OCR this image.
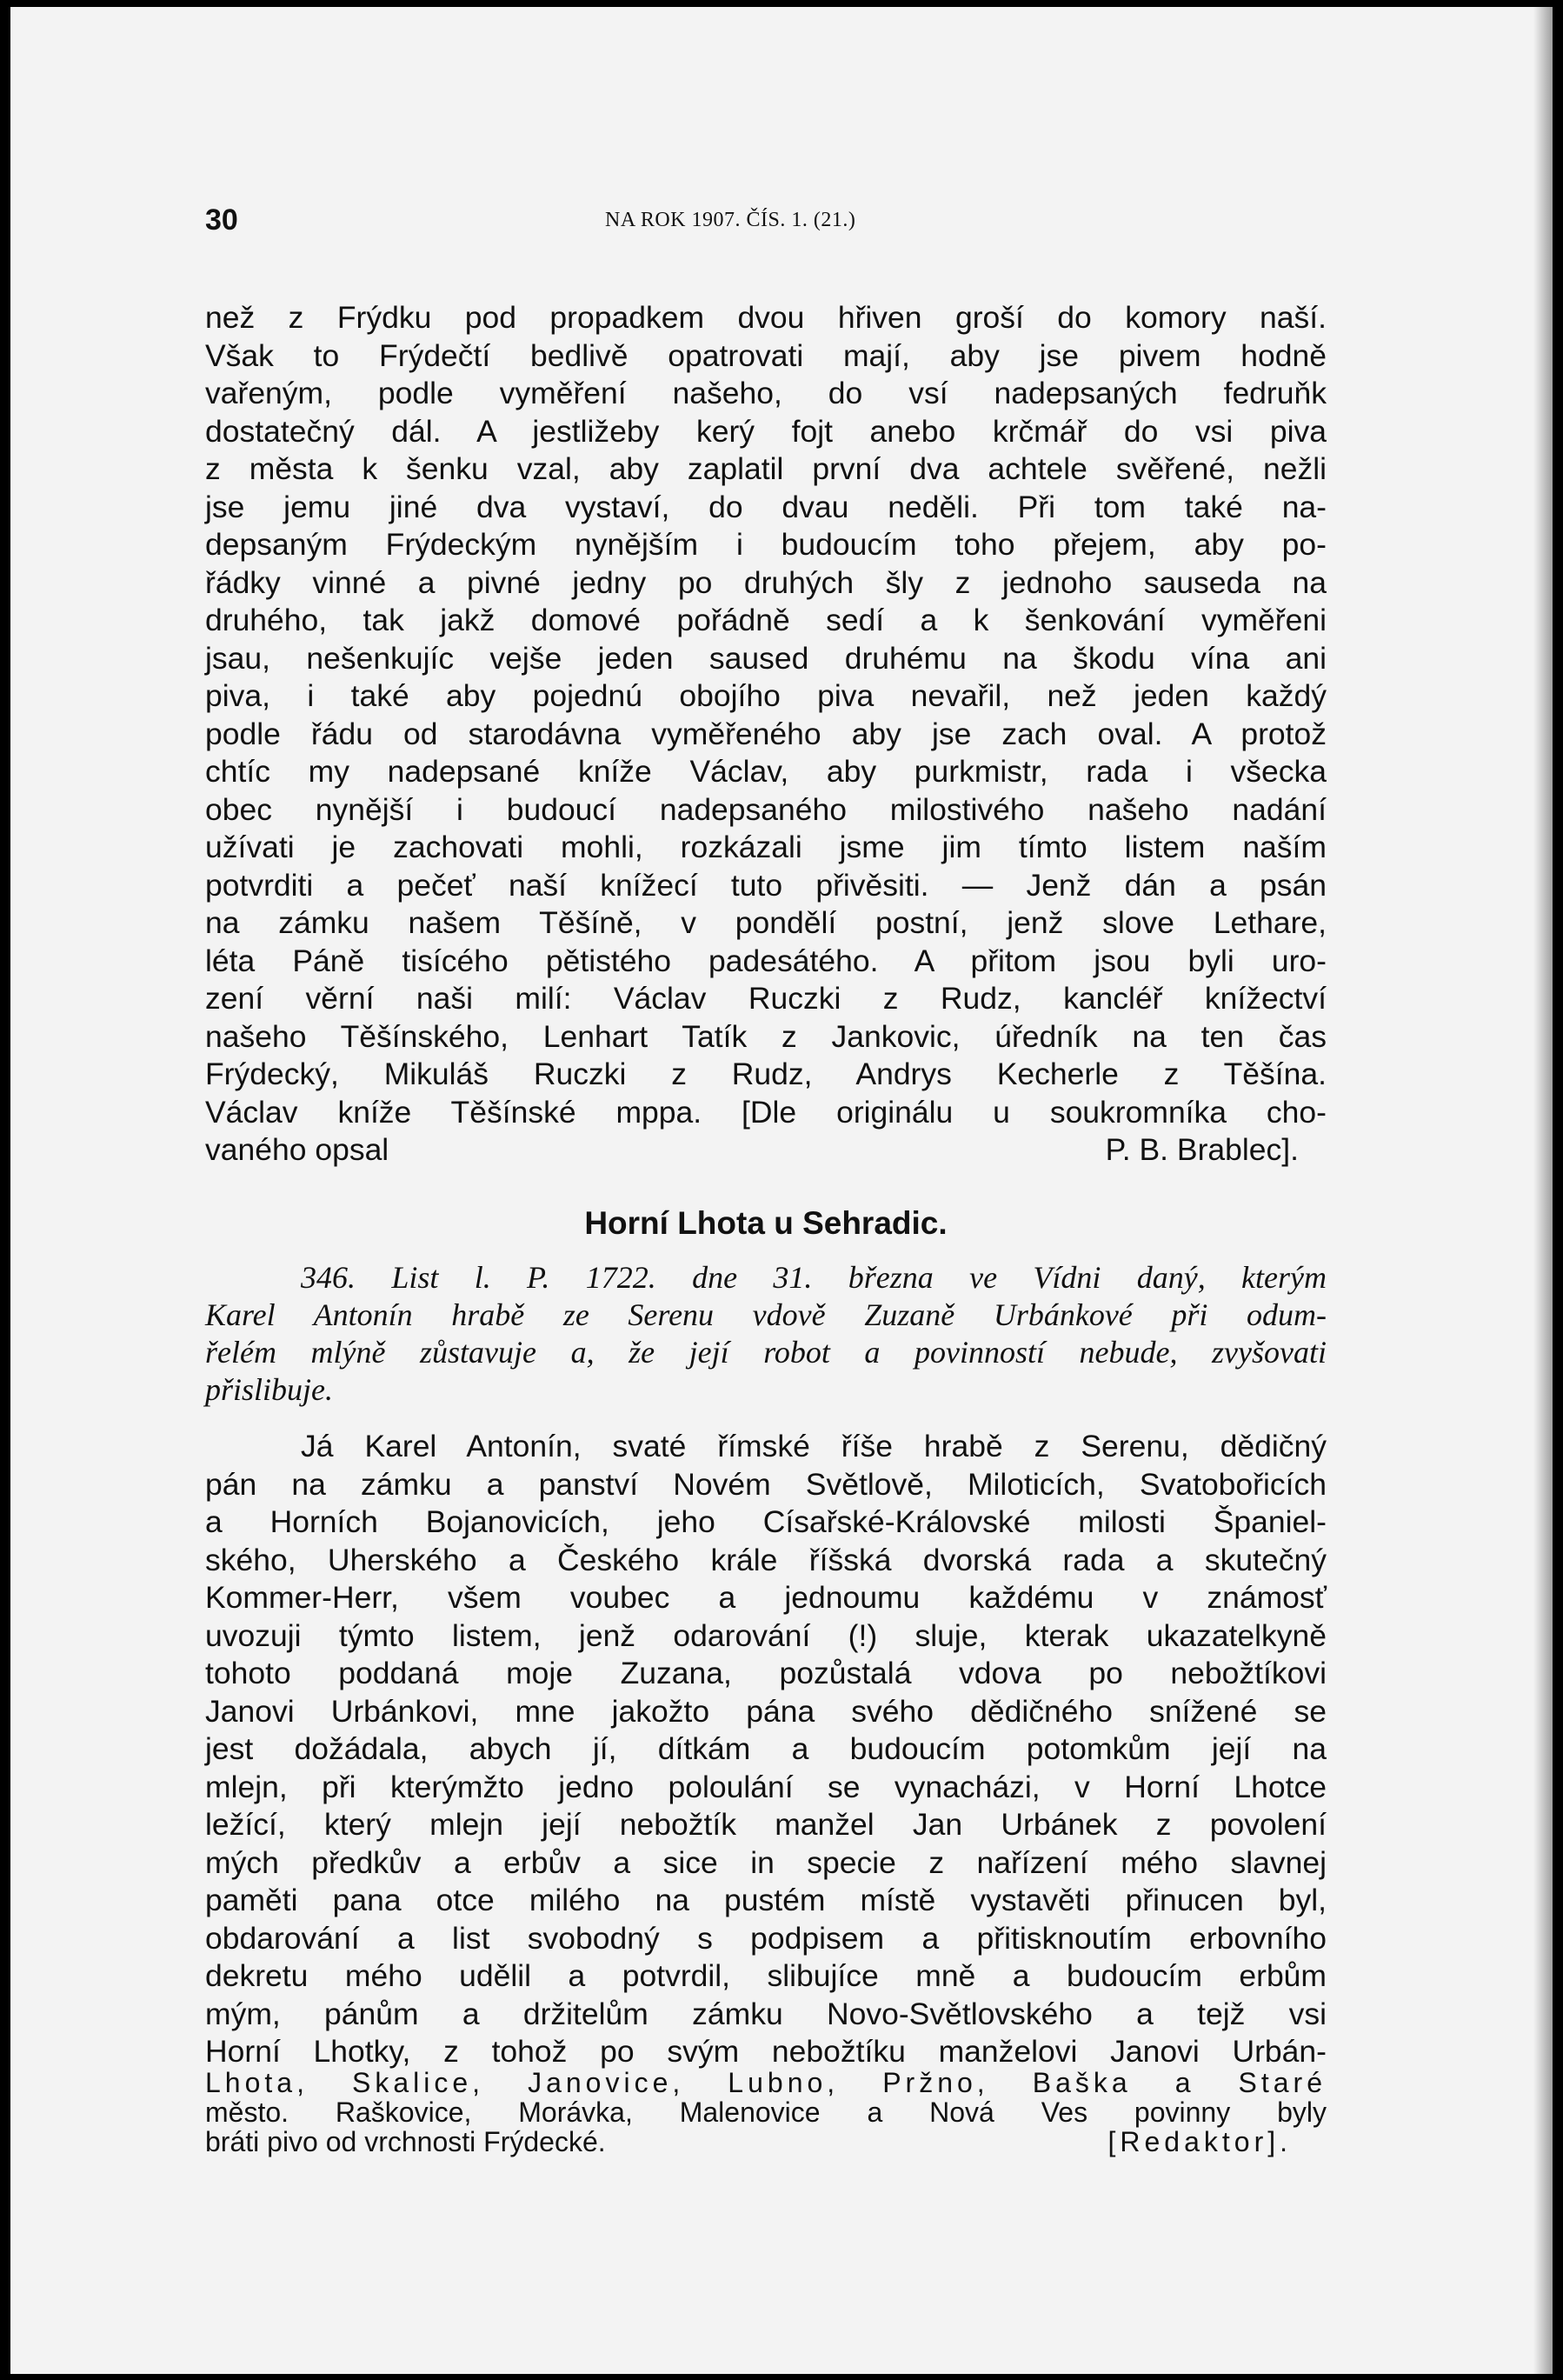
30	NA ROK 1907. ČÍS. 1. (21.)
než z Frýdku pod propadkem dvou hřiven groší do komory naší.
Však to Frýdečtí bedlivě opatrovati mají, aby jse pivem hodně
vařeným, podle vyměření našeho, do vsí nadepsaných fedruňk
dostatečný dál. A jestližeby kerý fojt anebo krčmář do vsi piva
z města k šenku vzal, aby zaplatil první dva achtele svěřené, nežli
jse jemu jiné dva vystaví, do dvau neděli. Při tom také na-
depsaným Frýdeckým nynějším i budoucím toho přejem, aby po-
řádky vinné a pivné jedny po druhých šly z jednoho sauseda na
druhého, tak jakž domové pořádně sedí a k šenkování vyměřeni
jsau, nešenkujíc vejše jeden saused druhému na škodu vína ani
piva, i také aby pojednú obojího piva nevařil, než jeden každý
podle řádu od starodávna vyměřeného aby jse zach oval. A protož
chtíc my nadepsané kníže Václav, aby purkmistr, rada i všecka
obec nynější i budoucí nadepsaného milostivého našeho nadání
užívati je zachovati mohli, rozkázali jsme jim tímto listem naším
potvrditi a pečeť naší knížecí tuto přivěsiti. — Jenž dán a psán
na zámku našem Těšíně, v pondělí postní, jenž slove Lethare,
léta Páně tisícého pětistého padesátého. A přitom jsou byli uro-
zení věrní naši milí: Václav Ruczki z Rudz, kancléř knížectví
našeho Těšínského, Lenhart Tatík z Jankovic, úředník na ten čas
Frýdecký, Mikuláš Ruczki z Rudz, Andrys Kecherle z Těšína.
Václav kníže Těšínské mppa. [Dle originálu u soukromníka cho-
vaného opsal	P. B. Brablec].
Horní Lhota u Sehradic.
346. List l. P. 1722. dne 31. března ve Vídni daný, kterým
Karel Antonín hrabě ze Serenu vdově Zuzaně Urbánkové při odum-
řelém mlýně zůstavuje a, že její robot a povinností nebude, zvyšovati
přislibuje.
Já Karel Antonín, svaté římské říše hrabě z Serenu, dědičný
pán na zámku a panství Novém Světlově, Miloticích, Svatobořicích
a Horních Bojanovicích, jeho Císařské-Královské milosti Španiel-
ského, Uherského a Českého krále říšská dvorská rada a skutečný
Kommer-Herr, všem voubec a jednoumu každému v známosť
uvozuji týmto listem, jenž odarování (!) sluje, kterak ukazatelkyně
tohoto poddaná moje Zuzana, pozůstalá vdova po nebožtíkovi
Janovi Urbánkovi, mne jakožto pána svého dědičného snížené se
jest dožádala, abych jí, dítkám a budoucím potomkům její na
mlejn, při kterýmžto jedno poloulání se vynacházi, v Horní Lhotce
ležící, který mlejn její nebožtík manžel Jan Urbánek z povolení
mých předkův a erbův a sice in specie z nařízení mého slavnej
paměti pana otce milého na pustém místě vystavěti přinucen byl,
obdarování a list svobodný s podpisem a přitisknoutím erbovního
dekretu mého udělil a potvrdil, slibujíce mně a budoucím erbům
mým, pánům a držitelům zámku Novo-Světlovského a tejž vsi
Horní Lhotky, z tohož po svým nebožtíku manželovi Janovi Urbán-
Lhota, Skalice, Janovice, Lubno, Pržno, Baška a Staré
město. Raškovice, Morávka, Malenovice a Nová Ves povinny byly
bráti pivo od vrchnosti Frýdecké.	[Redaktor].
